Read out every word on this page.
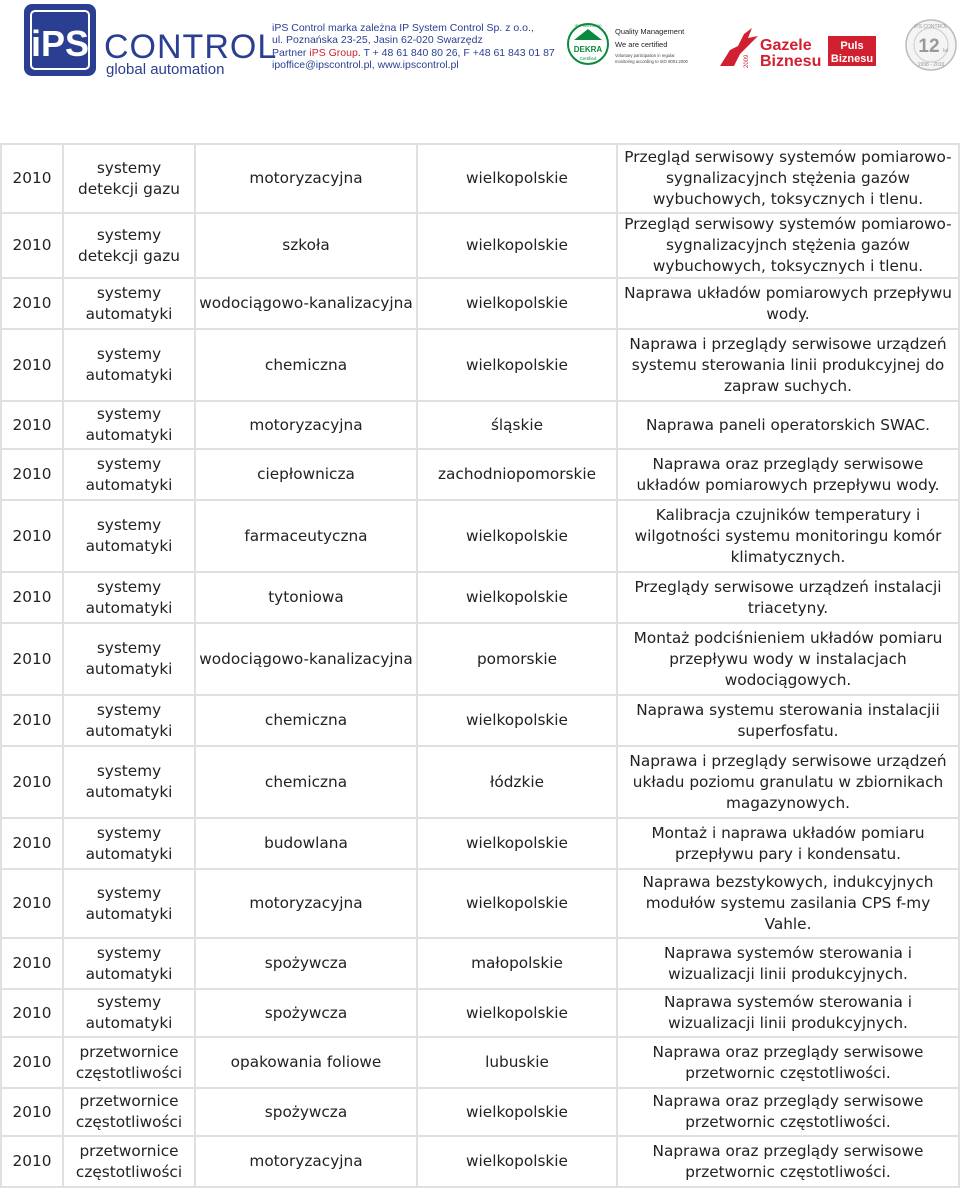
iPS CONTROL
global automation
iPS Control marka zależna IP System Control Sp. z o.o.,
ul. Poznańska 23-25, Jasin 62-020 Swarzędz
Partner iPS Group. T + 48 61 840 80 26, F +48 61 843 01 87
ipoffice@ipscontrol.pl, www.ipscontrol.pl
ISO 9001:2000
DEKRA
Certified
Quality Management
We are certified
Voluntary participation in regular
monitoring according to ISO 9001:2000	2009
Gazele
Biznesu
Puls
Biznesu
iPS CONTROL
12 lat
1998 - 2010
2010	systemy detekcji gazu	motoryzacyjna	wielkopolskie	Przegląd serwisowy systemów pomiarowo-sygnalizacyjnch stężenia gazów wybuchowych, toksycznych i tlenu.
2010	systemy detekcji gazu	szkoła	wielkopolskie	Przegląd serwisowy systemów pomiarowo-sygnalizacyjnch stężenia gazów wybuchowych, toksycznych i tlenu.
2010	systemy automatyki	wodociągowo-kanalizacyjna	wielkopolskie	Naprawa układów pomiarowych przepływu wody.
2010	systemy automatyki	chemiczna	wielkopolskie	Naprawa i przeglądy serwisowe urządzeń systemu sterowania linii produkcyjnej do zapraw suchych.
2010	systemy automatyki	motoryzacyjna	śląskie	Naprawa paneli operatorskich SWAC.
2010	systemy automatyki	ciepłownicza	zachodniopomorskie	Naprawa oraz przeglądy serwisowe układów pomiarowych przepływu wody.
2010	systemy automatyki	farmaceutyczna	wielkopolskie	Kalibracja czujników temperatury i wilgotności systemu monitoringu komór klimatycznych.
2010	systemy automatyki	tytoniowa	wielkopolskie	Przeglądy serwisowe urządzeń instalacji triacetyny.
2010	systemy automatyki	wodociągowo-kanalizacyjna	pomorskie	Montaż podciśnieniem układów pomiaru przepływu wody w instalacjach wodociągowych.
2010	systemy automatyki	chemiczna	wielkopolskie	Naprawa systemu sterowania instalacjii superfosfatu.
2010	systemy automatyki	chemiczna	łódzkie	Naprawa i przeglądy serwisowe urządzeń układu poziomu granulatu w zbiornikach magazynowych.
2010	systemy automatyki	budowlana	wielkopolskie	Montaż i naprawa układów pomiaru przepływu pary i kondensatu.
2010	systemy automatyki	motoryzacyjna	wielkopolskie	Naprawa bezstykowych, indukcyjnych modułów systemu zasilania CPS f-my Vahle.
2010	systemy automatyki	spożywcza	małopolskie	Naprawa systemów sterowania i wizualizacji linii produkcyjnych.
2010	systemy automatyki	spożywcza	wielkopolskie	Naprawa systemów sterowania i wizualizacji linii produkcyjnych.
2010	przetwornice częstotliwości	opakowania foliowe	lubuskie	Naprawa oraz przeglądy serwisowe przetwornic częstotliwości.
2010	przetwornice częstotliwości	spożywcza	wielkopolskie	Naprawa oraz przeglądy serwisowe przetwornic częstotliwości.
2010	przetwornice częstotliwości	motoryzacyjna	wielkopolskie	Naprawa oraz przeglądy serwisowe przetwornic częstotliwości.
